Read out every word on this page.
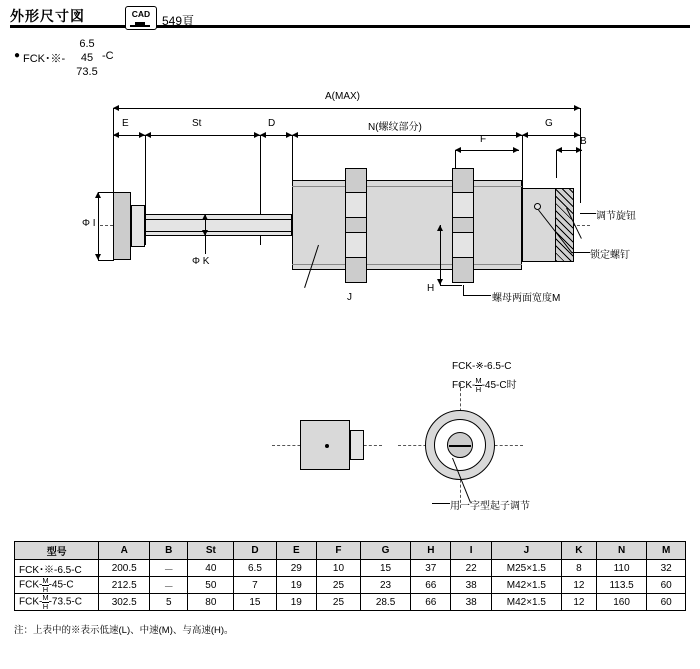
外形尺寸図
● FCK･※-
6.5
45
73.5
-C
CAD 549頁
A(MAX)
E	St	D	N(螺纹部分)	G
F	B
Φ I
Φ K
H
J	螺母两面宽度M
调节旋钮
锁定螺钉
FCK-※-6.5-C
$FCK- \frac{M}{H} -45-C$时
用一字型起子调节
型号	A	B	St	D	E	F	G	H	I	J	K	N	M
FCK･※-6.5-C	200.5	－	40	6.5	29	10	15	37	22	M25×1.5	8	110	32
$FCK- \frac{M}{H} -45-C$	212.5	－	50	7	19	25	23	66	38	M42×1.5	12	113.5	60
$FCK- \frac{M}{H} -73.5-C$	302.5	5	80	15	19	25	28.5	66	38	M42×1.5	12	160	60
注：上表中的※表示低速(L)、中速(M)、与高速(H)。
